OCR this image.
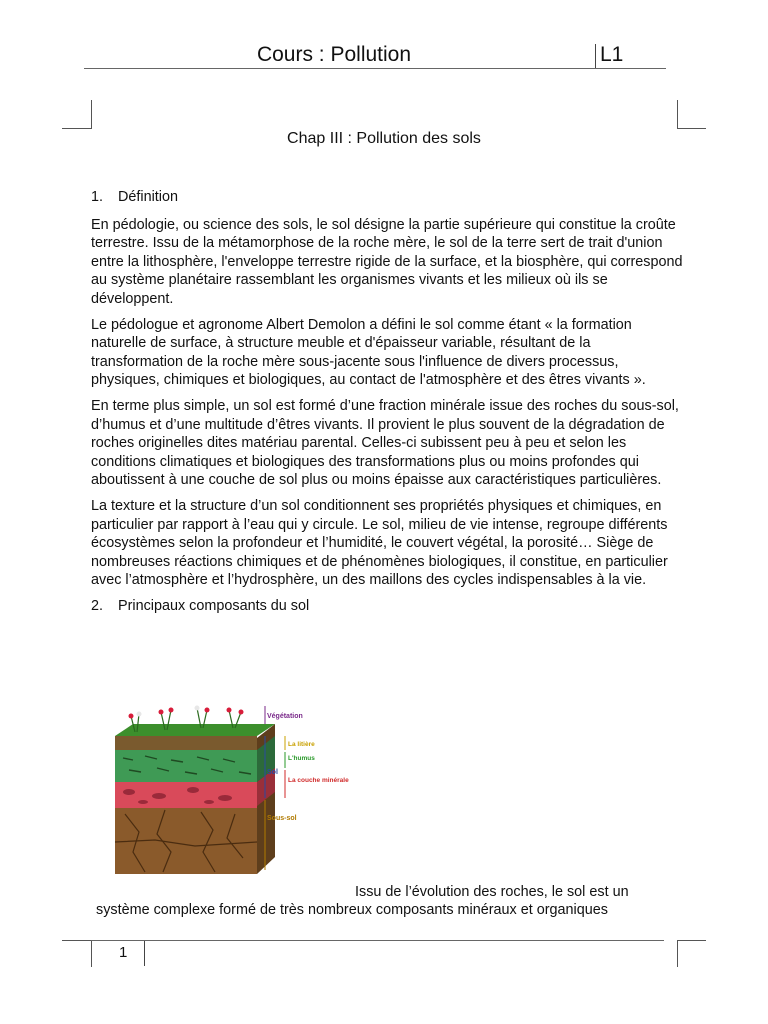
Cours : Pollution	L1
Chap III : Pollution des sols
1. Définition

En pédologie, ou science des sols, le sol désigne la partie supérieure qui constitue la croûte terrestre. Issu de la métamorphose de la roche mère, le sol de la terre sert de trait d'union entre la lithosphère, l'enveloppe terrestre rigide de la surface, et la biosphère, qui correspond au système planétaire rassemblant les organismes vivants et les milieux où ils se développent.

Le pédologue et agronome Albert Demolon a défini le sol comme étant « la formation naturelle de surface, à structure meuble et d'épaisseur variable, résultant de la transformation de la roche mère sous-jacente sous l'influence de divers processus, physiques, chimiques et biologiques, au contact de l'atmosphère et des êtres vivants ».

En terme plus simple, un sol est formé d’une fraction minérale issue des roches du sous-sol, d’humus et d’une multitude d’êtres vivants. Il provient le plus souvent de la dégradation de roches originelles dites matériau parental. Celles-ci subissent peu à peu et selon les conditions climatiques et biologiques des transformations plus ou moins profondes qui aboutissent à une couche de sol plus ou moins épaisse aux caractéristiques particulières.

La texture et la structure d’un sol conditionnent ses propriétés physiques et chimiques, en particulier par rapport à l’eau qui y circule. Le sol, milieu de vie intense, regroupe différents écosystèmes selon la profondeur et l’humidité, le couvert végétal, la porosité… Siège de nombreuses réactions chimiques et de phénomènes biologiques, il constitue, en particulier avec l’atmosphère et l’hydrosphère, un des maillons des cycles indispensables à la vie.

2. Principaux composants du sol
Végétation
La litière
L'humus
Sol
La couche minérale
Sous-sol
Issu de l’évolution des roches, le sol est un
système complexe formé de très nombreux composants minéraux et organiques
1
